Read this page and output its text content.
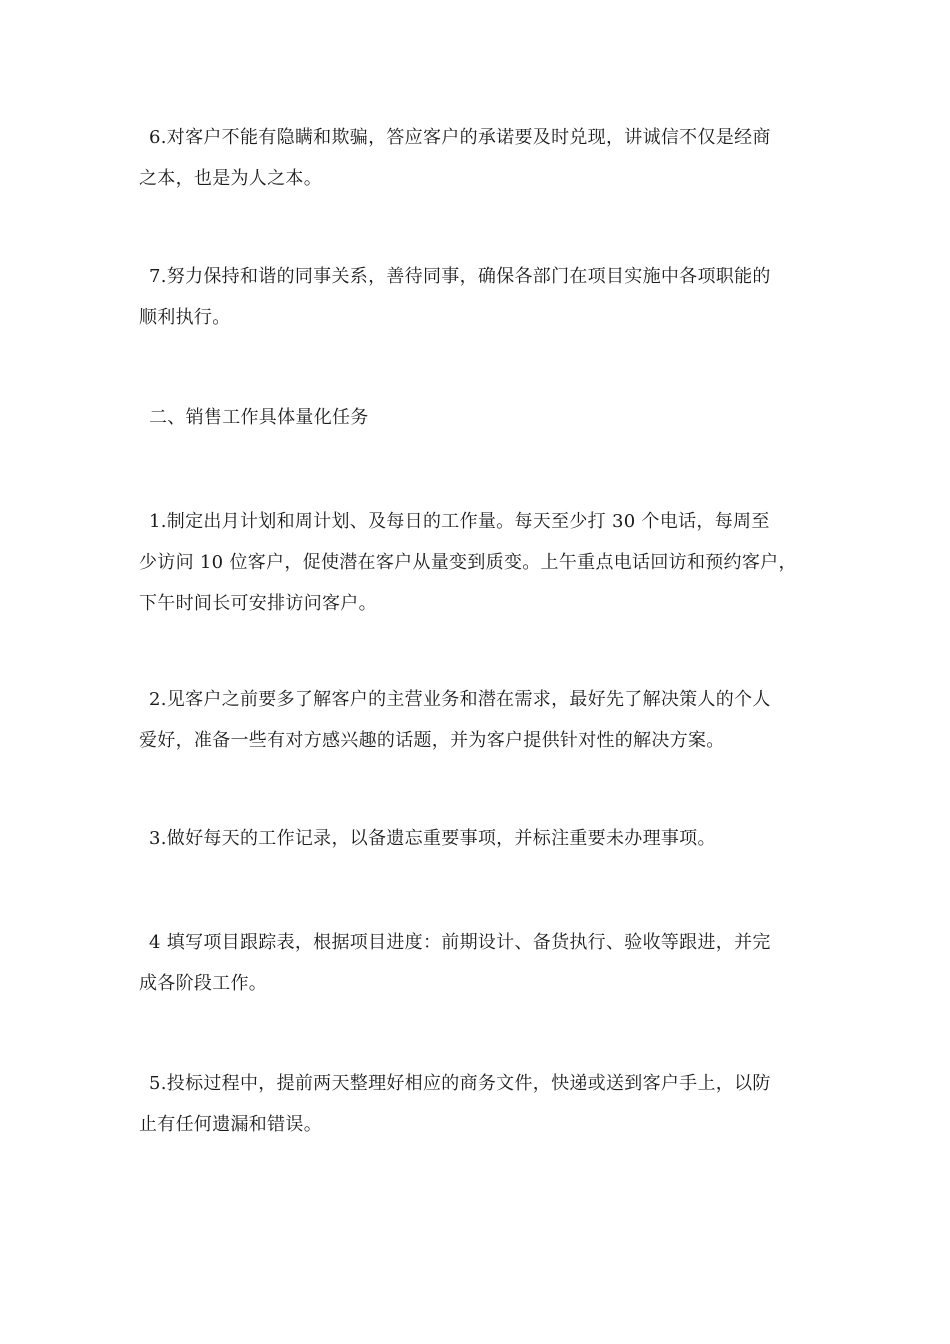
6.对客户不能有隐瞒和欺骗，答应客户的承诺要及时兑现，讲诚信不仅是经商
之本，也是为人之本。

7.努力保持和谐的同事关系，善待同事，确保各部门在项目实施中各项职能的
顺利执行。

二、销售工作具体量化任务

1.制定出月计划和周计划、及每日的工作量。每天至少打 30 个电话，每周至
少访问 10 位客户，促使潜在客户从量变到质变。上午重点电话回访和预约客户，
下午时间长可安排访问客户。

2.见客户之前要多了解客户的主营业务和潜在需求，最好先了解决策人的个人
爱好，准备一些有对方感兴趣的话题，并为客户提供针对性的解决方案。

3.做好每天的工作记录，以备遗忘重要事项，并标注重要未办理事项。

4 填写项目跟踪表，根据项目进度：前期设计、备货执行、验收等跟进，并完
成各阶段工作。

5.投标过程中，提前两天整理好相应的商务文件，快递或送到客户手上，以防
止有任何遗漏和错误。
